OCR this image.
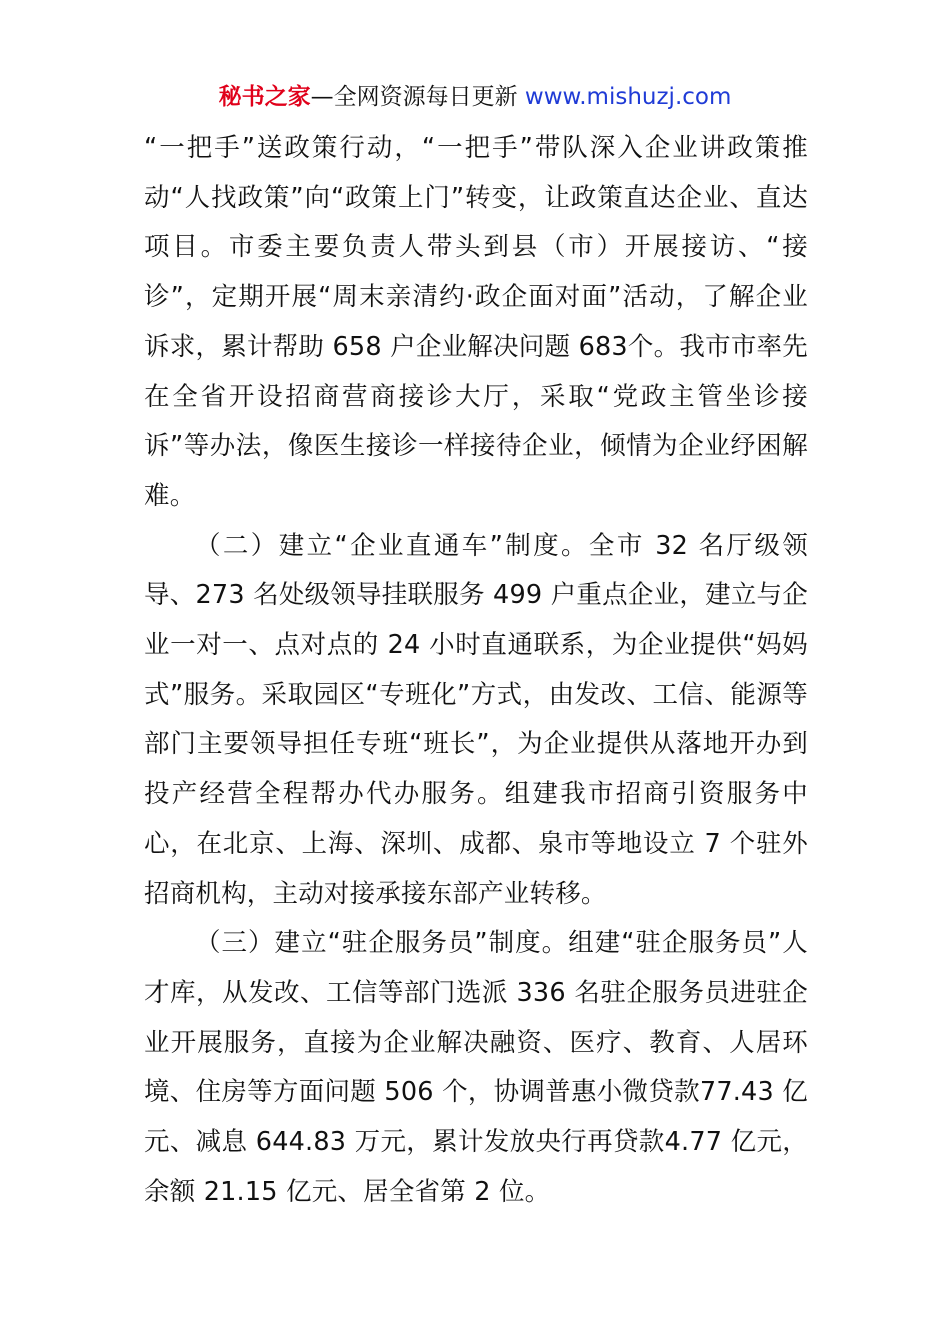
秘书之家—全网资源每日更新 www.mishuzj.com

“一把手”送政策行动，“一把手”带队深入企业讲政策推动“人找政策”向“政策上门”转变，让政策直达企业、直达项目。市委主要负责人带头到县（市）开展接访、“接诊”，定期开展“周末亲清约·政企面对面”活动，了解企业诉求，累计帮助 658 户企业解决问题 683个。我市市率先在全省开设招商营商接诊大厅，采取“党政主管坐诊接诉”等办法，像医生接诊一样接待企业，倾情为企业纾困解难。

（二）建立“企业直通车”制度。全市 32 名厅级领导、273 名处级领导挂联服务 499 户重点企业，建立与企业一对一、点对点的 24 小时直通联系，为企业提供“妈妈式”服务。采取园区“专班化”方式，由发改、工信、能源等部门主要领导担任专班“班长”，为企业提供从落地开办到投产经营全程帮办代办服务。组建我市招商引资服务中心，在北京、上海、深圳、成都、泉市等地设立 7 个驻外招商机构，主动对接承接东部产业转移。

（三）建立“驻企服务员”制度。组建“驻企服务员”人才库，从发改、工信等部门选派 336 名驻企服务员进驻企业开展服务，直接为企业解决融资、医疗、教育、人居环境、住房等方面问题 506 个，协调普惠小微贷款77.43 亿元、减息 644.83 万元，累计发放央行再贷款4.77 亿元，余额 21.15 亿元、居全省第 2 位。
